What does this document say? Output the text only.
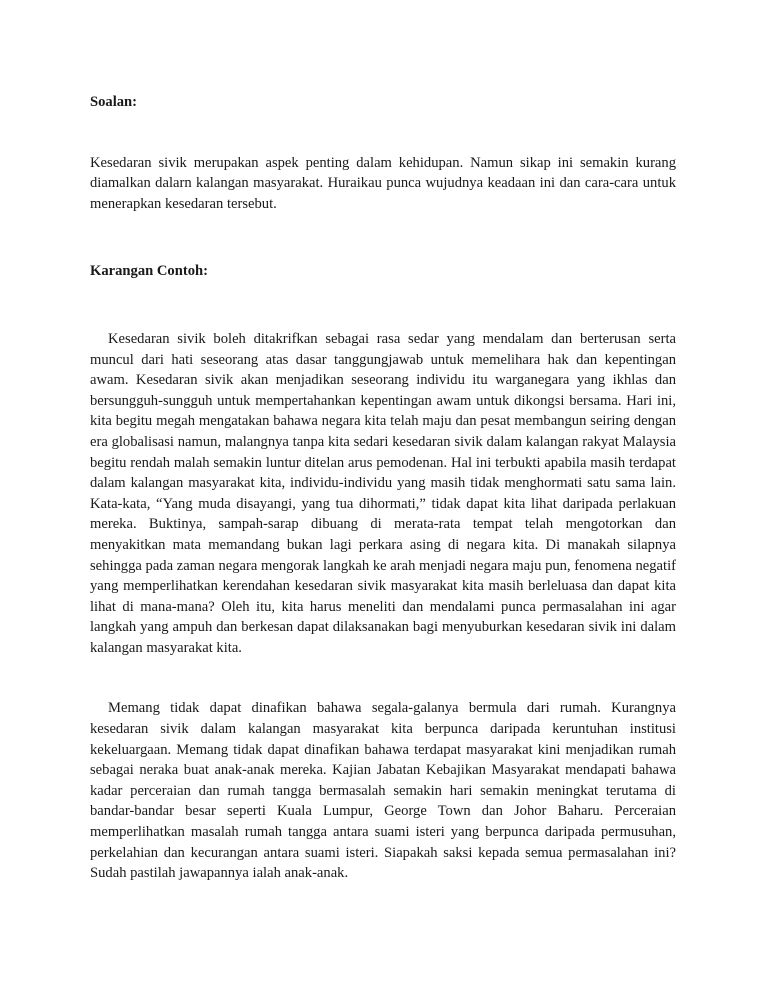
Soalan:

Kesedaran sivik merupakan aspek penting dalam kehidupan. Namun sikap ini semakin kurang diamalkan dalarn kalangan masyarakat. Huraikau punca wujudnya keadaan ini dan cara-cara untuk menerapkan kesedaran tersebut.

Karangan Contoh:

Kesedaran sivik boleh ditakrifkan sebagai rasa sedar yang mendalam dan berterusan serta muncul dari hati seseorang atas dasar tanggungjawab untuk memelihara hak dan kepentingan awam. Kesedaran sivik akan menjadikan seseorang individu itu warganegara yang ikhlas dan bersungguh-sungguh untuk mempertahankan kepentingan awam untuk dikongsi bersama. Hari ini, kita begitu megah mengatakan bahawa negara kita telah maju dan pesat membangun seiring dengan era globalisasi namun, malangnya tanpa kita sedari kesedaran sivik dalam kalangan rakyat Malaysia begitu rendah malah semakin luntur ditelan arus pemodenan. Hal ini terbukti apabila masih terdapat dalam kalangan masyarakat kita, individu-individu yang masih tidak menghormati satu sama lain. Kata-kata, “Yang muda disayangi, yang tua dihormati,” tidak dapat kita lihat daripada perlakuan mereka. Buktinya, sampah-sarap dibuang di merata-rata tempat telah mengotorkan dan menyakitkan mata memandang bukan lagi perkara asing di negara kita. Di manakah silapnya sehingga pada zaman negara mengorak langkah ke arah menjadi negara maju pun, fenomena negatif yang memperlihatkan kerendahan kesedaran sivik masyarakat kita masih berleluasa dan dapat kita lihat di mana-mana? Oleh itu, kita harus meneliti dan mendalami punca permasalahan ini agar langkah yang ampuh dan berkesan dapat dilaksanakan bagi menyuburkan kesedaran sivik ini dalam kalangan masyarakat kita.

Memang tidak dapat dinafikan bahawa segala-galanya bermula dari rumah. Kurangnya kesedaran sivik dalam kalangan masyarakat kita berpunca daripada keruntuhan institusi kekeluargaan. Memang tidak dapat dinafikan bahawa terdapat masyarakat kini menjadikan rumah sebagai neraka buat anak-anak mereka. Kajian Jabatan Kebajikan Masyarakat mendapati bahawa kadar perceraian dan rumah tangga bermasalah semakin hari semakin meningkat terutama di bandar-bandar besar seperti Kuala Lumpur, George Town dan Johor Baharu. Perceraian memperlihatkan masalah rumah tangga antara suami isteri yang berpunca daripada permusuhan, perkelahian dan kecurangan antara suami isteri. Siapakah saksi kepada semua permasalahan ini? Sudah pastilah jawapannya ialah anak-anak.
